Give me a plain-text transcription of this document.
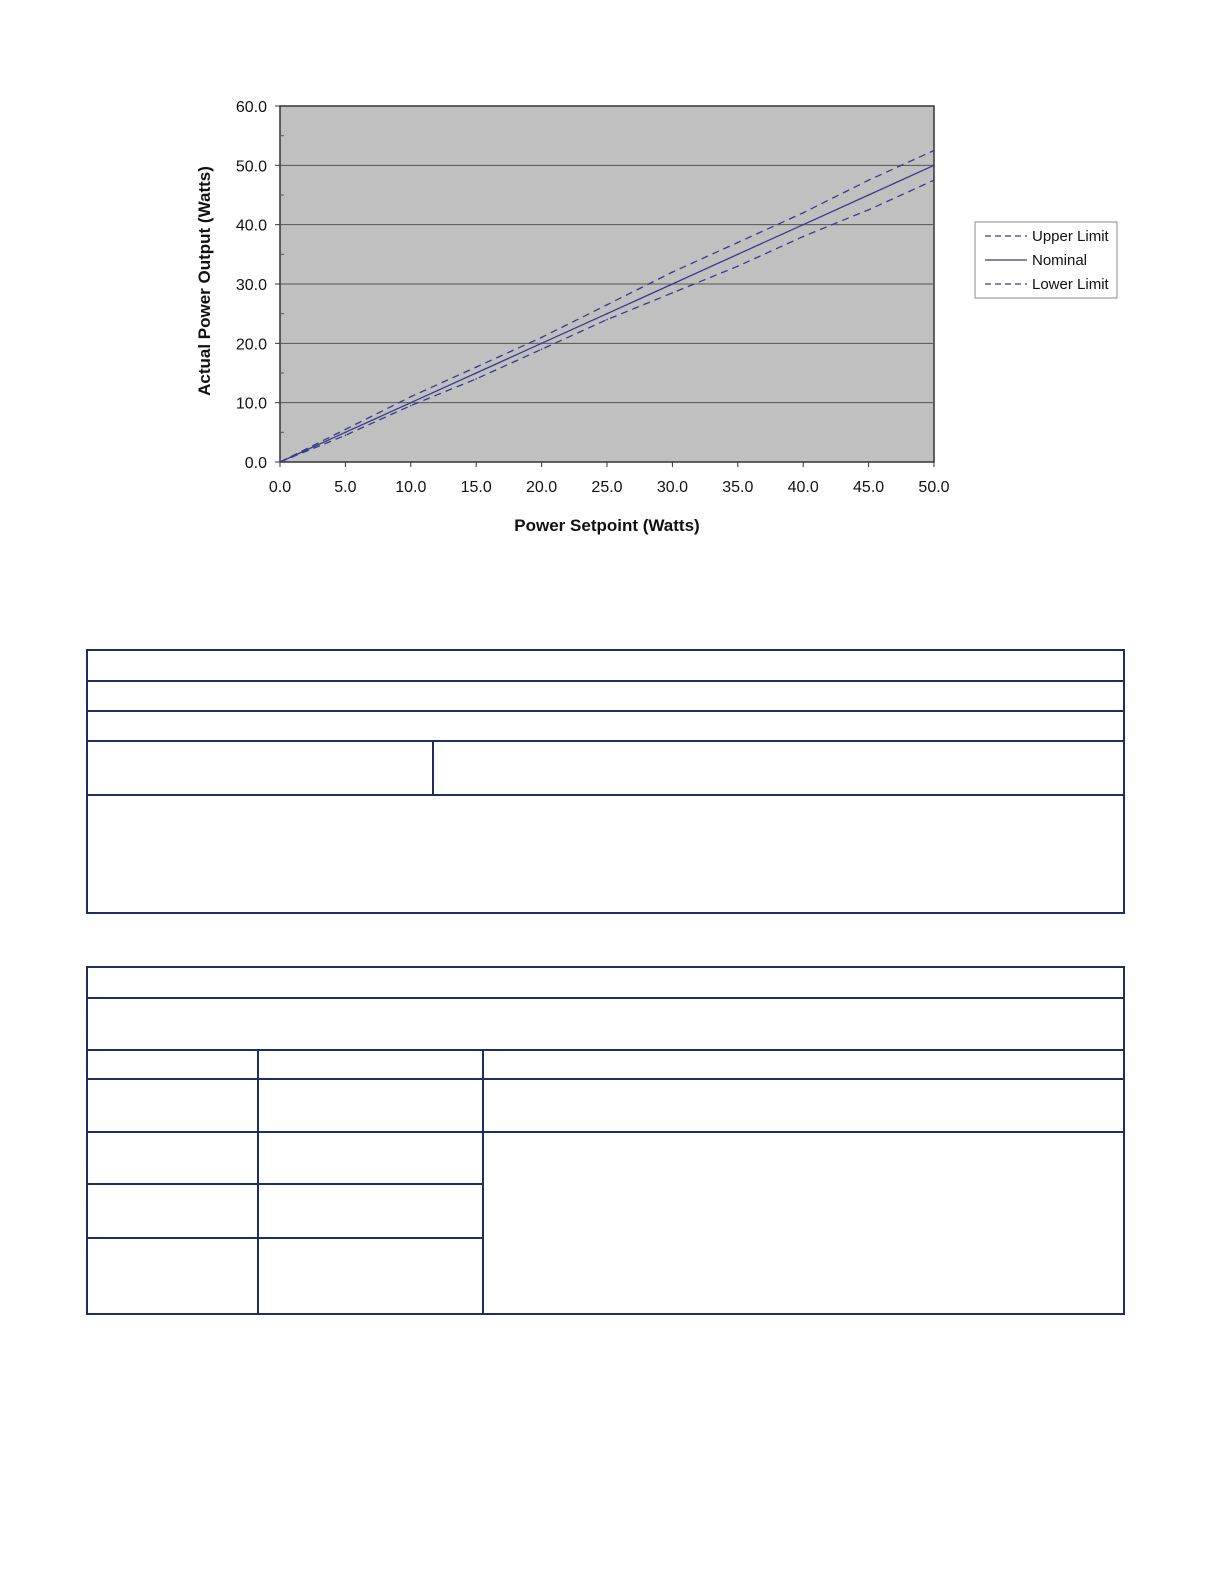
0.0	5.0 10.0 15.0 20.0 25.0 30.0 35.0 40.0 45.0 50.0
0.0
10.0
20.0
30.0
40.0
50.0
60.0
Power Setpoint (Watts)
Actual Power Output (Watts)	Upper Limit
Nominal
Lower Limit
